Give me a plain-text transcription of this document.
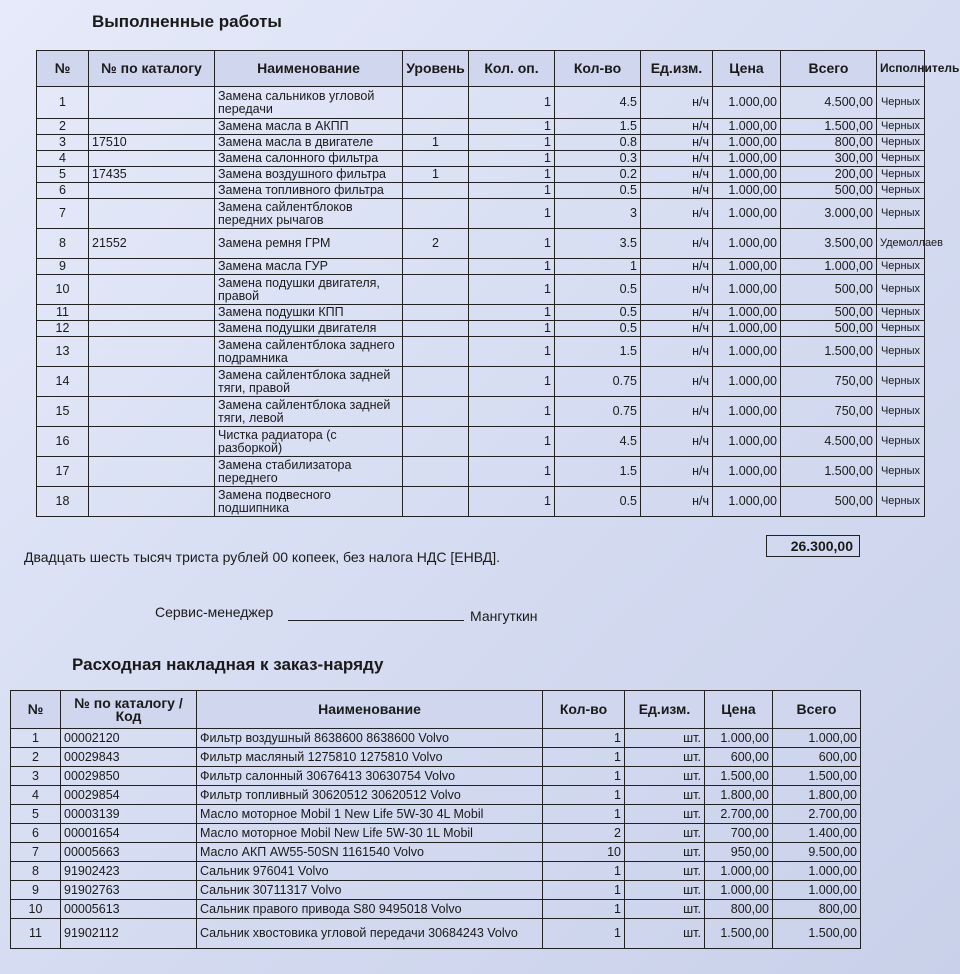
Выполненные работы
№	№ по каталогу	Наименование	Уровень	Кол. оп.	Кол-во	Ед.изм.	Цена	Всего	Исполнитель
1		Замена сальников угловой передачи		1	4.5	н/ч	1.000,00	4.500,00	Черных
2		Замена масла в АКПП		1	1.5	н/ч	1.000,00	1.500,00	Черных
3	17510	Замена масла в двигателе	1	1	0.8	н/ч	1.000,00	800,00	Черных
4		Замена салонного фильтра		1	0.3	н/ч	1.000,00	300,00	Черных
5	17435	Замена воздушного фильтра	1	1	0.2	н/ч	1.000,00	200,00	Черных
6		Замена топливного фильтра		1	0.5	н/ч	1.000,00	500,00	Черных
7		Замена сайлентблоков передних рычагов		1	3	н/ч	1.000,00	3.000,00	Черных
8	21552	Замена ремня ГРМ	2	1	3.5	н/ч	1.000,00	3.500,00	Удемоллаев
9		Замена масла ГУР		1	1	н/ч	1.000,00	1.000,00	Черных
10		Замена подушки двигателя, правой		1	0.5	н/ч	1.000,00	500,00	Черных
11		Замена подушки КПП		1	0.5	н/ч	1.000,00	500,00	Черных
12		Замена подушки двигателя		1	0.5	н/ч	1.000,00	500,00	Черных
13		Замена сайлентблока заднего подрамника		1	1.5	н/ч	1.000,00	1.500,00	Черных
14		Замена сайлентблока задней тяги, правой		1	0.75	н/ч	1.000,00	750,00	Черных
15		Замена сайлентблока задней тяги, левой		1	0.75	н/ч	1.000,00	750,00	Черных
16		Чистка радиатора (с разборкой)		1	4.5	н/ч	1.000,00	4.500,00	Черных
17		Замена стабилизатора переднего		1	1.5	н/ч	1.000,00	1.500,00	Черных
18		Замена подвесного подшипника		1	0.5	н/ч	1.000,00	500,00	Черных
26.300,00
Двадцать шесть тысяч триста рублей 00 копеек, без налога НДС [ЕНВД].
Сервис-менеджер	Мангуткин
Расходная накладная к заказ-наряду
№	№ по каталогу / Код	Наименование	Кол-во	Ед.изм.	Цена	Всего
1	00002120	Фильтр воздушный 8638600 8638600 Volvo	1	шт.	1.000,00	1.000,00
2	00029843	Фильтр масляный 1275810 1275810 Volvo	1	шт.	600,00	600,00
3	00029850	Фильтр салонный 30676413 30630754 Volvo	1	шт.	1.500,00	1.500,00
4	00029854	Фильтр топливный 30620512 30620512 Volvo	1	шт.	1.800,00	1.800,00
5	00003139	Масло моторное Mobil 1 New Life 5W-30 4L Mobil	1	шт.	2.700,00	2.700,00
6	00001654	Масло моторное Mobil New Life 5W-30 1L Mobil	2	шт.	700,00	1.400,00
7	00005663	Масло АКП AW55-50SN 1161540 Volvo	10	шт.	950,00	9.500,00
8	91902423	Сальник 976041 Volvo	1	шт.	1.000,00	1.000,00
9	91902763	Сальник 30711317 Volvo	1	шт.	1.000,00	1.000,00
10	00005613	Сальник правого привода S80 9495018 Volvo	1	шт.	800,00	800,00
11	91902112	Сальник хвостовика угловой передачи 30684243 Volvo	1	шт.	1.500,00	1.500,00
